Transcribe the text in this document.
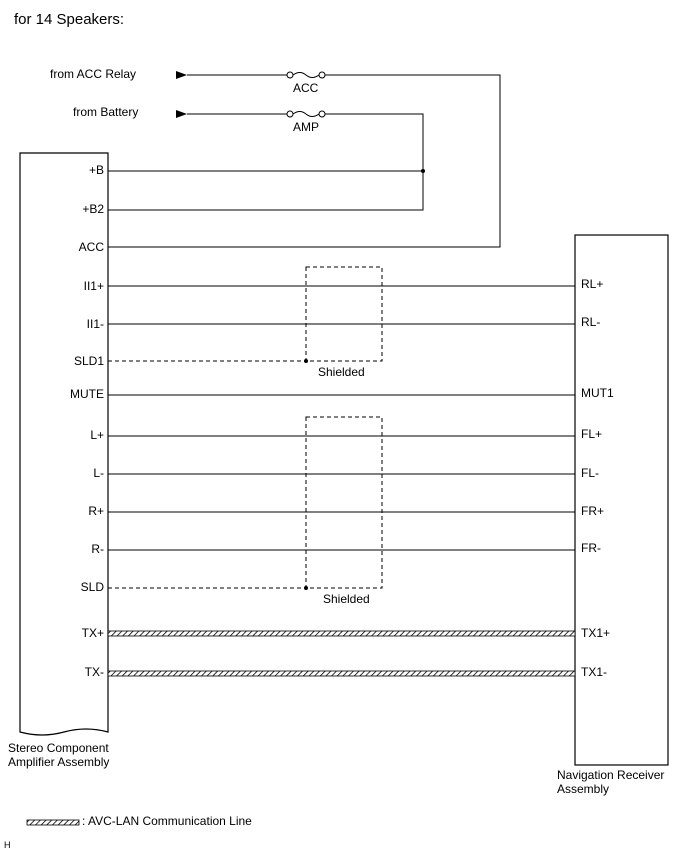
for 14 Speakers:
from ACC Relay
from Battery
ACC
AMP
Shielded
Shielded
+B
+B2
ACC
II1+
II1-
SLD1
MUTE
L+
L-
R+
R-
SLD
TX+
TX-
RL+
RL-
MUT1
FL+
FL-
FR+
FR-
TX1+
TX1-
Stereo Component
Amplifier Assembly
Navigation Receiver
Assembly
: AVC-LAN Communication Line
H
